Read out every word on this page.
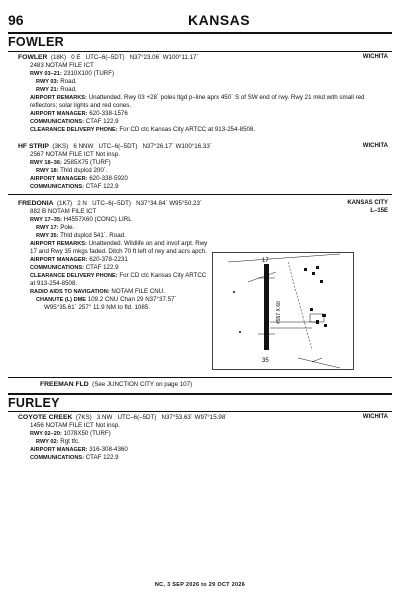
96	KANSAS
FOWLER
FOWLER (18K) 0 E UTC–6(–5DT) N37°23.06´ W100°11.17´	WICHITA
2483 NOTAM FILE ICT
RWY 03–21: 2310X100 (TURF)
RWY 03: Road.
RWY 21: Road.
AIRPORT REMARKS: Unattended. Rwy 03 +28´ poles ltgd p–line aprx 450´ S of SW end of rwy. Rwy 21 mkd with small red reflectors; solar lights and red cones.
AIRPORT MANAGER: 620-338-1576
COMMUNICATIONS: CTAF 122.9
CLEARANCE DELIVERY PHONE: For CD ctc Kansas City ARTCC at 913-254-8508.
HF STRIP (3KS) 6 NNW UTC–6(–5DT) N37°26.17´ W100°16.33´	WICHITA
2567 NOTAM FILE ICT Not insp.
RWY 18–36: 2585X75 (TURF)
RWY 18: Thld dsplcd 200´.
AIRPORT MANAGER: 620-338-5920
COMMUNICATIONS: CTAF 122.9
FREDONIA (1K7) 2 N UTC–6(–5DT) N37°34.84´ W95°50.23´	KANSAS CITY
L–15E
882 B NOTAM FILE ICT
RWY 17–35: H4557X60 (CONC) LIRL
RWY 17: Pole.
RWY 35: Thld dsplcd 541´. Road.
AIRPORT REMARKS: Unattended. Wildlife on and invof arpt. Rwy 17 and Rwy 35 mkgs faded. Ditch 70 ft left of rwy and acrs apch.
AIRPORT MANAGER: 620-378-2231
COMMUNICATIONS: CTAF 122.9
CLEARANCE DELIVERY PHONE: For CD ctc Kansas City ARTCC at 913-254-8508.
RADIO AIDS TO NAVIGATION: NOTAM FILE CNU.
CHANUTE (L) DME 109.2 CNU Chan 29 N37°37.57´
W95°35.61´ 257° 11.9 NM to fld. 1085.
17
35
4557 X 60
FREEMAN FLD (See JUNCTION CITY on page 107)
FURLEY
COYOTE CREEK (7KS) 3 NW UTC–6(–5DT) N37°53.63´ W97°15.98´	WICHITA
1456 NOTAM FILE ICT Not insp.
RWY 02–20: 1078X50 (TURF)
RWY 02: Rgt tfc.
AIRPORT MANAGER: 316-308-4360
COMMUNICATIONS: CTAF 122.9
NC, 3 SEP 2026 to 29 OCT 2026
